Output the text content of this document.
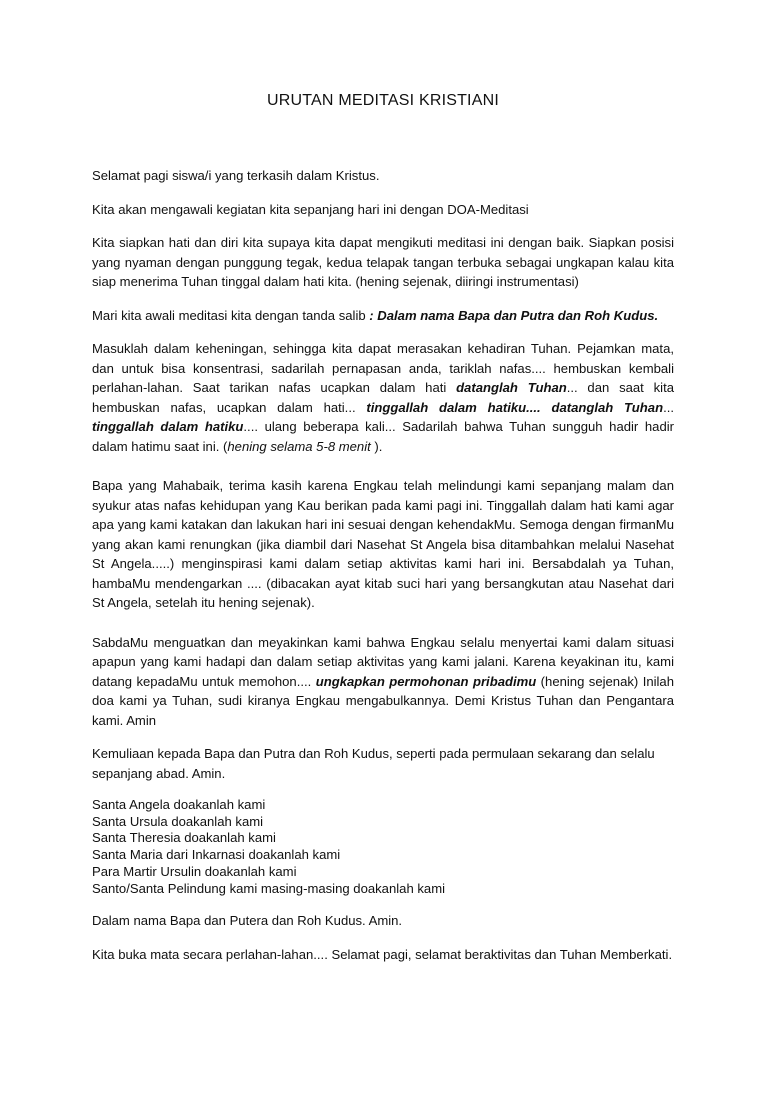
URUTAN MEDITASI KRISTIANI

Selamat pagi siswa/i yang terkasih dalam Kristus.

Kita akan mengawali kegiatan kita sepanjang hari ini dengan DOA-Meditasi

Kita siapkan hati dan diri kita supaya kita dapat mengikuti meditasi ini dengan baik. Siapkan posisi yang nyaman dengan punggung tegak, kedua telapak tangan terbuka sebagai ungkapan kalau kita siap menerima Tuhan tinggal dalam hati kita. (hening sejenak, diiringi instrumentasi)

Mari kita awali meditasi kita dengan tanda salib : Dalam nama Bapa dan Putra dan Roh Kudus.

Masuklah dalam keheningan, sehingga kita dapat merasakan kehadiran Tuhan. Pejamkan mata, dan untuk bisa konsentrasi, sadarilah pernapasan anda, tariklah nafas.... hembuskan kembali perlahan-lahan. Saat tarikan nafas ucapkan dalam hati datanglah Tuhan... dan saat kita hembuskan nafas, ucapkan dalam hati... tinggallah dalam hatiku.... datanglah Tuhan... tinggallah dalam hatiku.... ulang beberapa kali... Sadarilah bahwa Tuhan sungguh hadir hadir dalam hatimu saat ini. (hening selama 5-8 menit ).

Bapa yang Mahabaik, terima kasih karena Engkau telah melindungi kami sepanjang malam dan syukur atas nafas kehidupan yang Kau berikan pada kami pagi ini. Tinggallah dalam hati kami agar apa yang kami katakan dan lakukan hari ini sesuai dengan kehendakMu. Semoga dengan firmanMu yang akan kami renungkan (jika diambil dari Nasehat St Angela bisa ditambahkan melalui Nasehat St Angela.....) menginspirasi kami dalam setiap aktivitas kami hari ini. Bersabdalah ya Tuhan, hambaMu mendengarkan .... (dibacakan ayat kitab suci hari yang bersangkutan atau Nasehat dari St Angela, setelah itu hening sejenak).

SabdaMu menguatkan dan meyakinkan kami bahwa Engkau selalu menyertai kami dalam situasi apapun yang kami hadapi dan dalam setiap aktivitas yang kami jalani. Karena keyakinan itu, kami datang kepadaMu untuk memohon.... ungkapkan permohonan pribadimu (hening sejenak) Inilah doa kami ya Tuhan, sudi kiranya Engkau mengabulkannya. Demi Kristus Tuhan dan Pengantara kami. Amin

Kemuliaan kepada Bapa dan Putra dan Roh Kudus, seperti pada permulaan sekarang dan selalu sepanjang abad. Amin.

Santa Angela doakanlah kami
Santa Ursula doakanlah kami
Santa Theresia doakanlah kami
Santa Maria dari Inkarnasi doakanlah kami
Para Martir Ursulin doakanlah kami
Santo/Santa Pelindung kami masing-masing doakanlah kami

Dalam nama Bapa dan Putera dan Roh Kudus. Amin.

Kita buka mata secara perlahan-lahan.... Selamat pagi, selamat beraktivitas dan Tuhan Memberkati.
